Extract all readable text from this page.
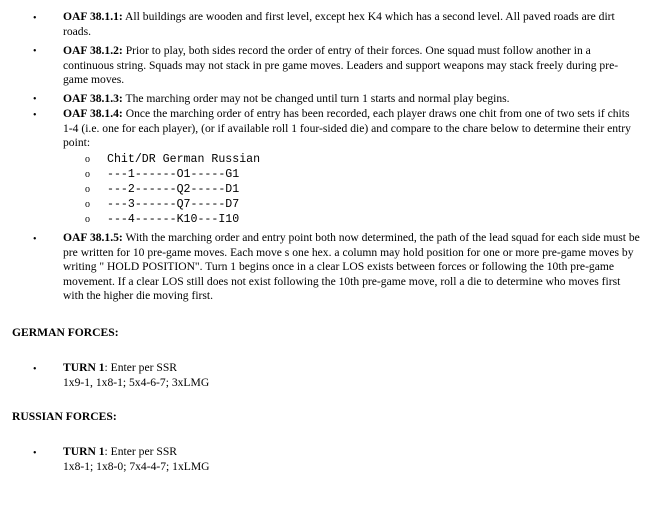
•	OAF 38.1.1: All buildings are wooden and first level, except hex K4 which has a second level. All paved roads are dirt roads.
•	OAF 38.1.2: Prior to play, both sides record the order of entry of their forces. One squad must follow another in a continuous string. Squads may not stack in pre game moves. Leaders and support weapons may stack freely during pre-game moves.
•	OAF 38.1.3: The marching order may not be changed until turn 1 starts and normal play begins.
•	OAF 38.1.4: Once the marching order of entry has been recorded, each player draws one chit from one of two sets if chits 1-4 (i.e. one for each player), (or if available roll 1 four-sided die) and compare to the chare below to determine their entry point:
o Chit/DR German Russian
o ---1------O1-----G1
o ---2------Q2-----D1
o ---3------Q7-----D7
o ---4------K10---I10
•	OAF 38.1.5: With the marching order and entry point both now determined, the path of the lead squad for each side must be pre written for 10 pre-game moves. Each move s one hex. a column may hold position for one or more pre-game moves by writing " HOLD POSITION". Turn 1 begins once in a clear LOS exists between forces or following the 10th pre-game movement. If a clear LOS still does not exist following the 10th pre-game move, roll a die to determine who moves first with the higher die moving first.
GERMAN FORCES:
•	TURN 1: Enter per SSR
1x9-1, 1x8-1; 5x4-6-7; 3xLMG
RUSSIAN FORCES:
•	TURN 1: Enter per SSR
1x8-1; 1x8-0; 7x4-4-7; 1xLMG
